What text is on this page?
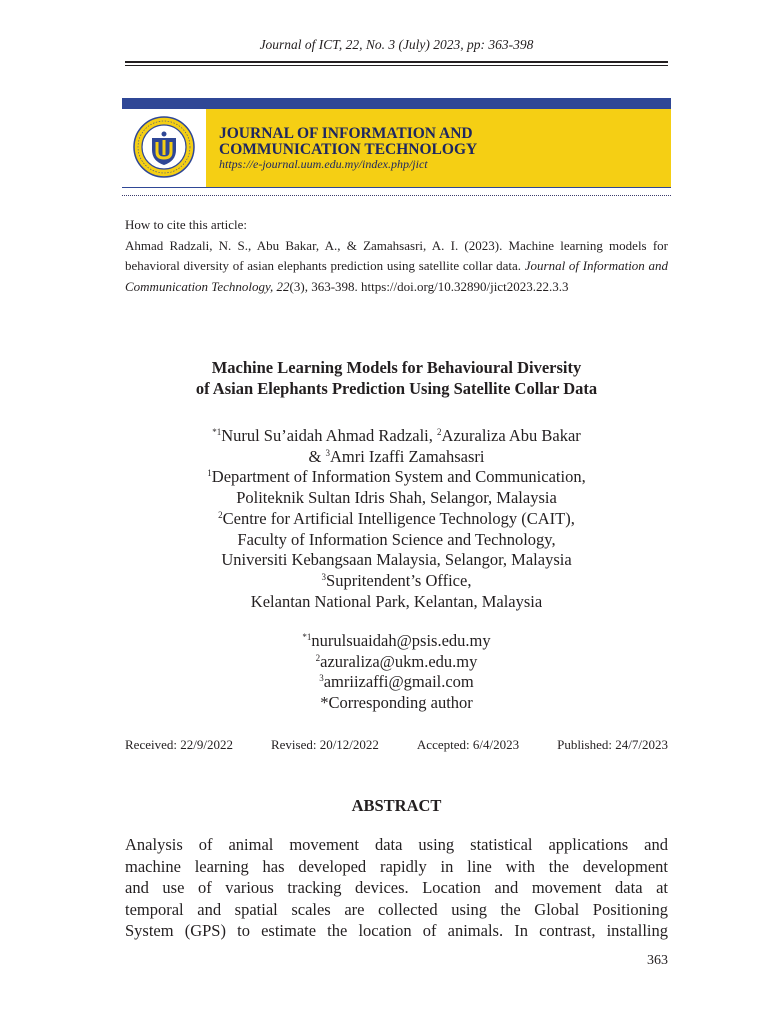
Journal of ICT, 22, No. 3 (July) 2023, pp: 363-398
JOURNAL OF INFORMATION AND
COMMUNICATION TECHNOLOGY
https://e-journal.uum.edu.my/index.php/jict

How to cite this article:

Ahmad Radzali, N. S., Abu Bakar, A., & Zamahsasri, A. I. (2023). Machine learning models for behavioral diversity of asian elephants prediction using satellite collar data. Journal of Information and Communication Technology, 22(3), 363-398. https://doi.org/10.32890/jict2023.22.3.3

Machine Learning Models for Behavioural Diversity
of Asian Elephants Prediction Using Satellite Collar Data
$^{*1}$Nurul Su’aidah Ahmad Radzali, $^2$Azuraliza Abu Bakar
& $^3$Amri Izaffi Zamahsasri
$^1$Department of Information System and Communication,
Politeknik Sultan Idris Shah, Selangor, Malaysia
$^2$Centre for Artificial Intelligence Technology (CAIT),
Faculty of Information Science and Technology,
Universiti Kebangsaan Malaysia, Selangor, Malaysia
$^3$Supritendent’s Office,
Kelantan National Park, Kelantan, Malaysia
$^{*1}$nurulsuaidah@psis.edu.my
$^2$azuraliza@ukm.edu.my
$^3$amriizaffi@gmail.com
*Corresponding author
Received: 22/9/2022	Revised: 20/12/2022	Accepted: 6/4/2023	Published: 24/7/2023
ABSTRACT
Analysis of animal movement data using statistical applications and
machine learning has developed rapidly in line with the development
and use of various tracking devices. Location and movement data at
temporal and spatial scales are collected using the Global Positioning
System (GPS) to estimate the location of animals. In contrast, installing
363
